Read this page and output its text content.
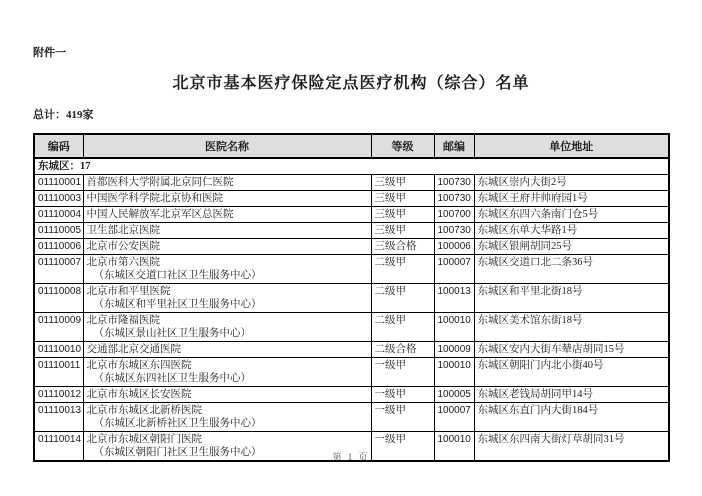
附件一
北京市基本医疗保险定点医疗机构（综合）名单
总计：419家
编码	医院名称	等级	邮编	单位地址
东城区：17				
01110001	首都医科大学附属北京同仁医院	三级甲	100730	东城区崇内大街2号
01110003	中国医学科学院北京协和医院	三级甲	100730	东城区王府井帅府园1号
01110004	中国人民解放军北京军区总医院	三级甲	100700	东城区东四六条南门仓5号
01110005	卫生部北京医院	三级甲	100730	东城区东单大华路1号
01110006	北京市公安医院	三级合格	100006	东城区银闸胡同25号
01110007	北京市第六医院
（东城区交道口社区卫生服务中心）	二级甲	100007	东城区交道口北二条36号
01110008	北京市和平里医院
（东城区和平里社区卫生服务中心）	二级甲	100013	东城区和平里北街18号
01110009	北京市隆福医院
（东城区景山社区卫生服务中心）	二级甲	100010	东城区美术馆东街18号
01110010	交通部北京交通医院	二级合格	100009	东城区安内大街车辇店胡同15号
01110011	北京市东城区东四医院
（东城区东四社区卫生服务中心）	一级甲	100010	东城区朝阳门内北小街40号
01110012	北京市东城区长安医院	一级甲	100005	东城区老钱局胡同甲14号
01110013	北京市东城区北新桥医院
（东城区北新桥社区卫生服务中心）	一级甲	100007	东城区东直门内大街184号
01110014	北京市东城区朝阳门医院
（东城区朝阳门社区卫生服务中心）	一级甲	100010	东城区东四南大街灯草胡同31号
第 1 页
